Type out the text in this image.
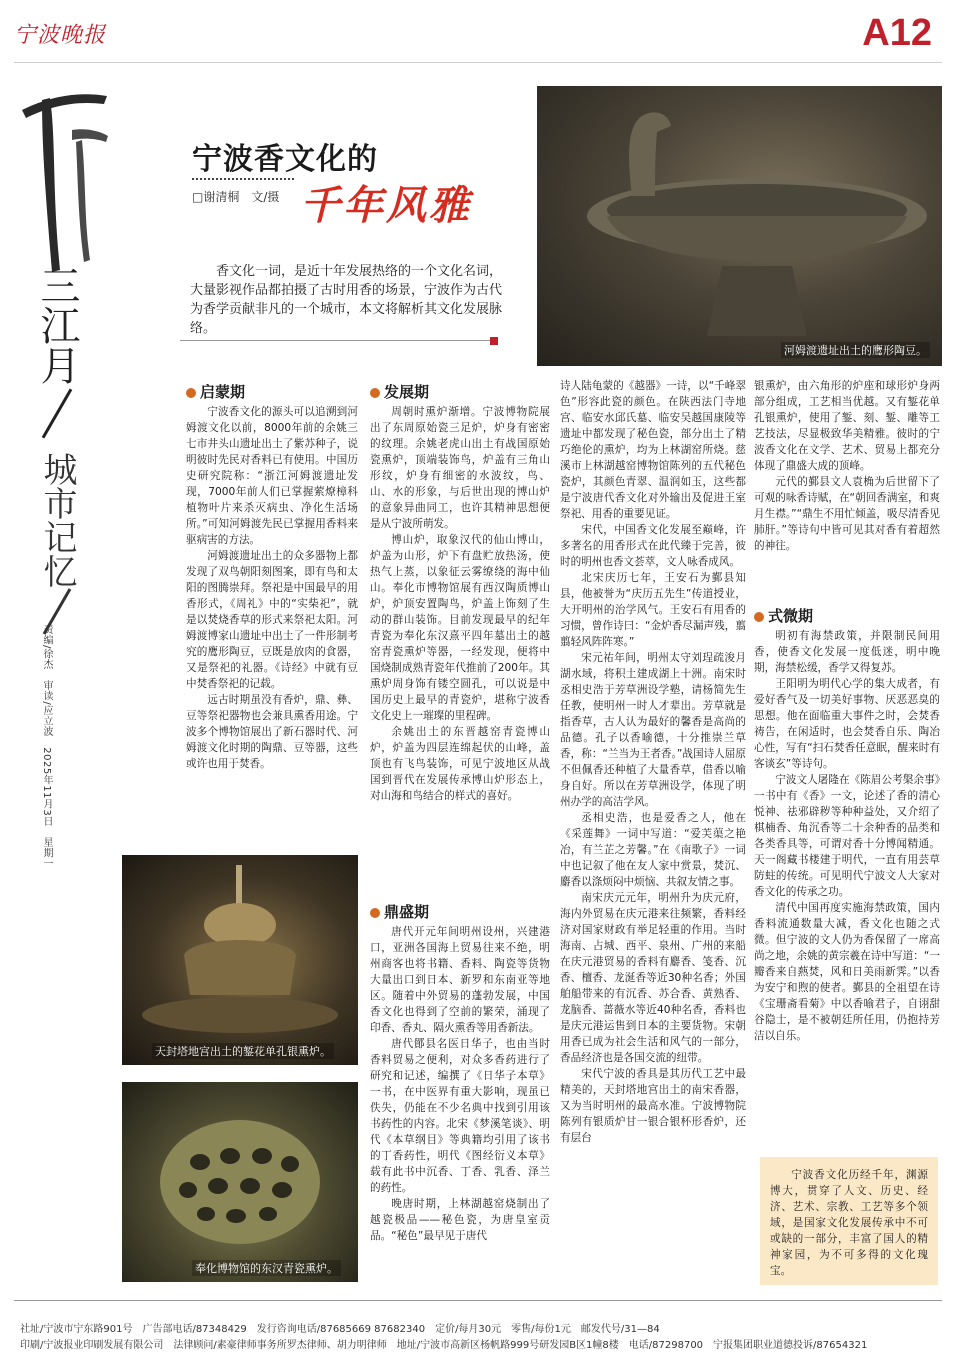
宁波晚报	A12
三江月
城市记忆
责编/徐杰　审读/应立波　2025年11月3日　星期一
宁波香文化的
□谢清桐　文/摄 千年风雅
香文化一词，是近十年发展热络的一个文化名词，大量影视作品都拍摄了古时用香的场景，宁波作为古代为香学贡献非凡的一个城市，本文将解析其文化发展脉络。
河姆渡遗址出土的鹰形陶豆。
启蒙期

宁波香文化的源头可以追溯到河姆渡文化以前，8000年前的余姚三七市井头山遗址出土了紫苏种子，说明彼时先民对香料已有使用。中国历史研究院称：“浙江河姆渡遗址发现，7000年前人们已掌握萦燎樟科植物叶片来杀灭病虫、净化生活场所。”可知河姆渡先民已掌握用香料来驱病害的方法。

河姆渡遗址出土的众多器物上都发现了双鸟朝阳刻图案，即有鸟和太阳的图腾崇拜。祭祀是中国最早的用香形式，《周礼》中的“实柴祀”，就是以焚烧香草的形式来祭祀太阳。河姆渡博家山遗址中出土了一件形制考究的鹰形陶豆，豆既是放肉的食器，又是祭祀的礼器。《诗经》中就有豆中焚香祭祀的记载。

远古时期虽没有香炉，鼎、彝、豆等祭祀器物也会兼具熏香用途。宁波多个博物馆展出了新石器时代、河姆渡文化时期的陶鼎、豆等器，这些或许也用于焚香。

天封塔地宫出土的錾花单孔银熏炉。
奉化博物馆的东汉青瓷熏炉。
发展期

周朝时熏炉渐增。宁波博物院展出了东周原始瓷三足炉，炉身有密密的纹理。余姚老虎山出土有战国原始瓷熏炉，顶端装饰鸟，炉盖有三角山形纹，炉身有细密的水波纹，鸟、山、水的形象，与后世出现的博山炉的意象异曲同工，也许其精神思想便是从宁波所萌发。

博山炉，取象汉代的仙山博山，炉盖为山形，炉下有盘贮放热汤，使热气上蒸，以象征云雾缭绕的海中仙山。奉化市博物馆展有西汉陶质博山炉，炉顶安置陶鸟，炉盖上饰刻了生动的群山装饰。目前发现最早的纪年青瓷为奉化东汉熹平四年墓出土的越窑青瓷熏炉等器，一经发现，便将中国烧制成熟青瓷年代推前了200年。其熏炉周身饰有镂空圆孔，可以说是中国历史上最早的青瓷炉，堪称宁波香文化史上一璀璨的里程碑。

余姚出土的东晋越窑青瓷博山炉，炉盖为四层连绵起伏的山峰，盖顶也有飞鸟装饰，可见宁波地区从战国到晋代在发展传承博山炉形态上，对山海和鸟结合的样式的喜好。

鼎盛期

唐代开元年间明州设州，兴建港口，亚洲各国海上贸易往来不绝，明州商客也将书籍、香料、陶瓷等货物大量出口到日本、新罗和东南亚等地区。随着中外贸易的蓬勃发展，中国香文化也得到了空前的繁荣，涌现了印香、香丸、隔火熏香等用香新法。

唐代鄮县名医日华子，也由当时香料贸易之便利，对众多香药进行了研究和记述，编撰了《日华子本草》一书，在中医界有重大影响，现虽已佚失，仍能在不少名典中找到引用该书药性的内容。北宋《梦溪笔谈》、明代《本草纲目》等典籍均引用了该书的丁香药性，明代《图经衍义本草》载有此书中沉香、丁香、乳香、泽兰的药性。

晚唐时期，上林湖越窑烧制出了越瓷极品——秘色瓷，为唐皇室贡品。“秘色”最早见于唐代

诗人陆龟蒙的《越器》一诗，以“千峰翠色”形容此瓷的颜色。在陕西法门寺地宫、临安水邱氏墓、临安吴越国康陵等遗址中都发现了秘色瓷，部分出土了精巧绝伦的熏炉，均为上林湖窑所烧。慈溪市上林湖越窑博物馆陈列的五代秘色瓷炉，其颜色青翠、温润如玉，这些都是宁波唐代香文化对外输出及促进王室祭祀、用香的重要见证。

宋代，中国香文化发展至巅峰，许多著名的用香形式在此代臻于完善，彼时的明州也香文荟萃，文人咏香成风。

北宋庆历七年，王安石为鄞县知县，他被誉为“庆历五先生”传道授业，大开明州的治学风气。王安石有用香的习惯，曾作诗曰：“金炉香尽漏声残，翦翦轻风阵阵寒。”

宋元祐年间，明州太守刘珵疏浚月湖水域，将积土建成湖上十洲。南宋时丞相史浩于芳草洲设学塾，请杨简先生任教，使明州一时人才辈出。芳草就是指香草，古人认为最好的馨香是高尚的品德。孔子以香喻德，十分推崇兰草香，称：“兰当为王者香。”战国诗人屈原不但佩香还种植了大量香草，借香以喻身自好。所以在芳草洲设学，体现了明州办学的高洁学风。

丞相史浩，也是爱香之人，他在《采莲舞》一词中写道：“爱芙蕖之艳冶，有兰芷之芳馨。”在《南歌子》一词中也记叙了他在友人家中赏景，焚沉、麝香以涤烦闷中烦恼、共叙友情之事。

南宋庆元元年，明州升为庆元府，海内外贸易在庆元港来往频繁，香料经济对国家财政有举足轻重的作用。当时海南、占城、西平、泉州、广州的来船在庆元港贸易的香料有麝香、笺香、沉香、檀香、龙涎香等近30种名香；外国舶船带来的有沉香、苏合香、黄熟香、龙脑香、蔷薇水等近40种名香，香料也是庆元港运售到日本的主要货物。宋朝用香已成为社会生活和风气的一部分，香品经济也是各国交流的纽带。

宋代宁波的香具是其历代工艺中最精美的，天封塔地宫出土的南宋香器，又为当时明州的最高水准。宁波博物院陈列有银质炉甘一银合银杯形香炉，还有层台

银熏炉，由六角形的炉座和球形炉身两部分组成，工艺相当优越。又有錾花单孔银熏炉，使用了錾、刻、錾、雕等工艺技法，尽显极致华美精雅。彼时的宁波香文化在文学、艺术、贸易上都充分体现了鼎盛大成的顶峰。

元代的鄞县文人袁桷为后世留下了可观的咏香诗赋，在“朝回香满室，和爽月生襟。”“鼎生不用忙倾盖，吸尽清香见肺肝。”等诗句中皆可见其对香有着超然的神往。

式微期

明初有海禁政策，并限制民间用香，使香文化发展一度低迷，明中晚期，海禁松缓，香学又得复苏。

王阳明为明代心学的集大成者，有爱好香气及一切美好事物、厌恶恶臭的思想。他在面临重大事件之时，会焚香祷告，在闲适时，也会焚香自乐、陶冶心性，写有“扫石焚香任意眠，醒来时有客谈玄”等诗句。

宁波文人屠隆在《陈眉公考槃余事》一书中有《香》一文，论述了香的清心悦神、祛邪辟秽等种种益处，又介绍了棋楠香、角沉香等二十余种香的品类和各类香具等，可谓对香十分博闻精通。天一阁藏书楼建于明代，一直有用芸草防蛀的传统。可见明代宁波文人大家对香文化的传承之功。

清代中国再度实施海禁政策，国内香料流通数量大减，香文化也随之式微。但宁波的文人仍为香保留了一席高尚之地，余姚的黄宗羲在诗中写道：“一瓣香来自爇焚，风和日美雨新霁。”以香为安宁和煦的使者。鄞县的全祖望在诗《宝珊斋看菊》中以香喻君子，自诩甜谷隐士，是不被朝廷所任用，仍抱持芳洁以自乐。

宁波香文化历经千年，渊源博大，贯穿了人文、历史、经济、艺术、宗教、工艺等多个领域，是国家文化发展传承中不可或缺的一部分，丰富了国人的精神家园，为不可多得的文化瑰宝。
社址/宁波市宁东路901号　广告部电话/87348429　发行咨询电话/87685669 87682340　定价/每月30元　零售/每份1元　邮发代号/31—84
印刷/宁波报业印刷发展有限公司　法律顾问/素豪律师事务所罗杰律师、胡力明律师　地址/宁波市高新区杨帆路999号研发园B区1幢8楼　电话/87298700　宁报集团职业道德投诉/87654321
